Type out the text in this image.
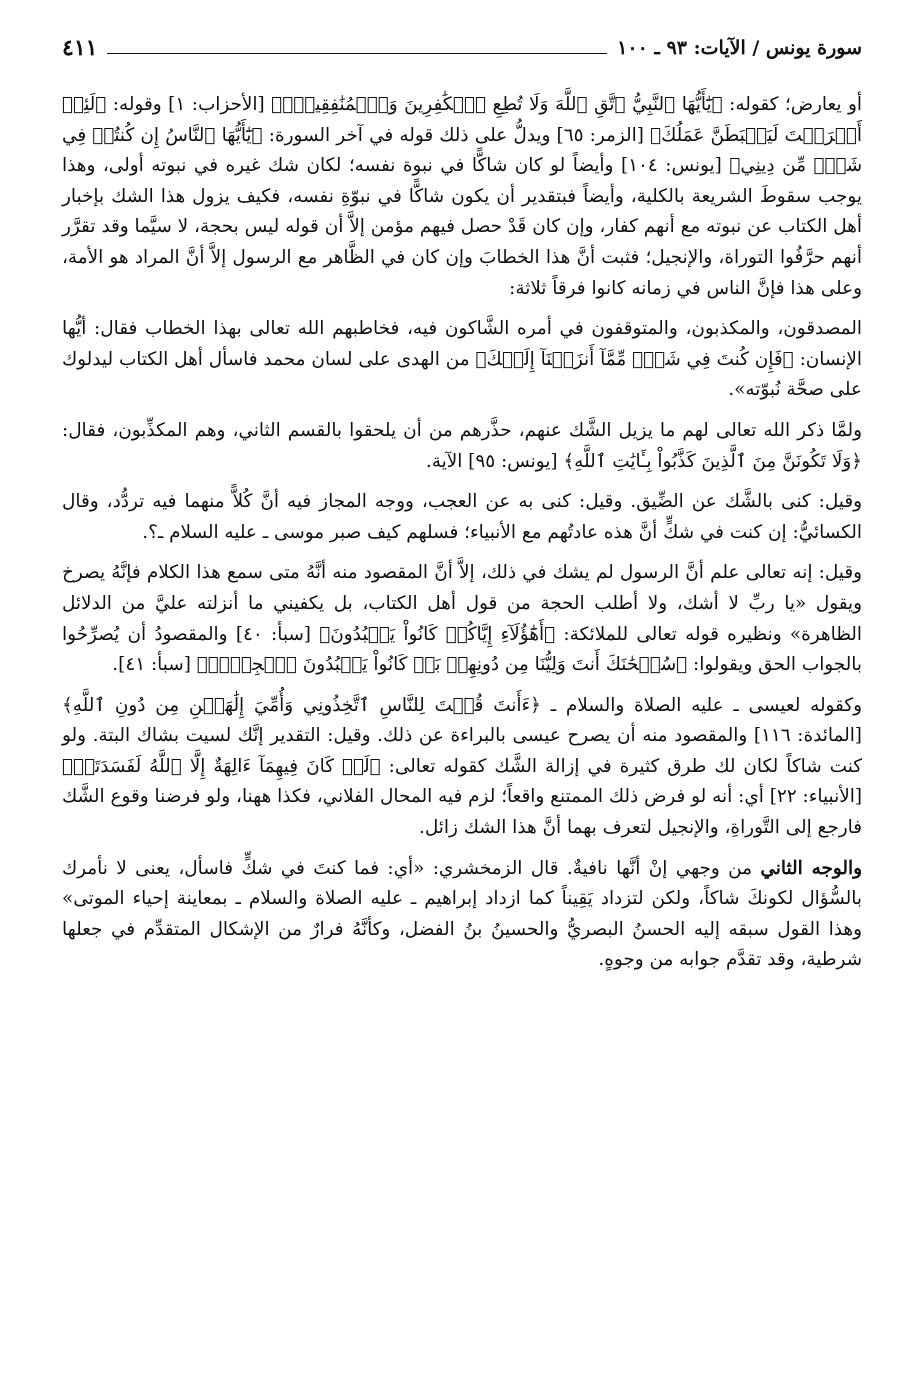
سورة يونس / الآيات: ٩٣ ـ ١٠٠
٤١١

أو يعارض؛ كقوله: ﴿يَٰٓأَيُّهَا ٱلنَّبِيُّ ٱتَّقِ ٱللَّهَ وَلَا تُطِعِ ٱلۡكَٰفِرِينَ وَٱلۡمُنَٰفِقِينَۚ﴾ [الأحزاب: ١] وقوله: ﴿لَئِنۡ أَشۡرَكۡتَ لَيَحۡبَطَنَّ عَمَلُكَ﴾ [الزمر: ٦٥] ويدلُّ على ذلك قوله في آخر السورة: ﴿يَٰٓأَيُّهَا ٱلنَّاسُ إِن كُنتُمۡ فِي شَكّٖ مِّن دِينِي﴾ [يونس: ١٠٤] وأيضاً لو كان شاكًّا في نبوة نفسه؛ لكان شك غيره في نبوته أولى، وهذا يوجب سقوطَ الشريعة بالكلية، وأيضاً فبتقدير أن يكون شاكًّا في نبوّةِ نفسه، فكيف يزول هذا الشك بإخبار أهل الكتاب عن نبوته مع أنهم كفار، وإن كان قَدْ حصل فيهم مؤمن إلاَّ أن قوله ليس بحجة، لا سيَّما وقد تقرَّر أنهم حرَّفُوا التوراة، والإنجيل؛ فثبت أنَّ هذا الخطابَ وإن كان في الظَّاهر مع الرسول إلاَّ أنَّ المراد هو الأمة، وعلى هذا فإنَّ الناس في زمانه كانوا فرقاً ثلاثة:

المصدقون، والمكذبون، والمتوقفون في أمره الشَّاكون فيه، فخاطبهم الله تعالى بهذا الخطاب فقال: أيُّها الإنسان: ﴿فَإِن كُنتَ فِي شَكّٖ مِّمَّآ أَنزَلۡنَآ إِلَيۡكَ﴾ من الهدى على لسان محمد فاسأل أهل الكتاب ليدلوك على صحَّة نُبوّته».

ولمَّا ذكر الله تعالى لهم ما يزيل الشَّك عنهم، حذَّرهم من أن يلحقوا بالقسم الثاني، وهم المكذِّبون، فقال: ﴿وَلَا تَكُونَنَّ مِنَ ٱلَّذِينَ كَذَّبُواْ بِـَٔايَٰتِ ٱللَّهِ﴾ [يونس: ٩٥] الآية.

وقيل: كنى بالشَّك عن الضِّيق. وقيل: كنى به عن العجب، ووجه المجاز فيه أنَّ كُلاًّ منهما فيه تردُّد، وقال الكسائيُّ: إن كنت في شكٍّ أنَّ هذه عادتُهم مع الأنبياء؛ فسلهم كيف صبر موسى ـ عليه السلام ـ؟.

وقيل: إنه تعالى علم أنَّ الرسول لم يشك في ذلك، إلاَّ أنَّ المقصود منه أنَّهُ متى سمع هذا الكلام فإنَّهُ يصرخ ويقول «يا ربِّ لا أشك، ولا أطلب الحجة من قول أهل الكتاب، بل يكفيني ما أنزلته عليَّ من الدلائل الظاهرة» ونظيره قوله تعالى للملائكة: ﴿أَهَٰٓؤُلَآءِ إِيَّاكُمۡ كَانُواْ يَعۡبُدُونَ﴾ [سبأ: ٤٠] والمقصودُ أن يُصرِّحُوا بالجواب الحق ويقولوا: ﴿سُبۡحَٰنَكَ أَنتَ وَلِيُّنَا مِن دُونِهِمۖ بَلۡ كَانُواْ يَعۡبُدُونَ ٱلۡجِنَّۖ﴾ [سبأ: ٤١].

وكقوله لعيسى ـ عليه الصلاة والسلام ـ ﴿ءَأَنتَ قُلۡتَ لِلنَّاسِ ٱتَّخِذُونِي وَأُمِّيَ إِلَٰهَيۡنِ مِن دُونِ ٱللَّهِ﴾ [المائدة: ١١٦] والمقصود منه أن يصرح عيسى بالبراءة عن ذلك. وقيل: التقدير إنَّك لسيت بشاك البتة. ولو كنت شاكاً لكان لك طرق كثيرة في إزالة الشَّك كقوله تعالى: ﴿لَوۡ كَانَ فِيهِمَآ ءَالِهَةٌ إِلَّا ٱللَّهُ لَفَسَدَتَاۚ﴾ [الأنبياء: ٢٢] أي: أنه لو فرض ذلك الممتنع واقعاً؛ لزم فيه المحال الفلاني، فكذا ههنا، ولو فرضنا وقوع الشَّك فارجع إلى التَّوراةِ، والإنجيل لتعرف بهما أنَّ هذا الشك زائل.

والوجه الثاني من وجهي إنْ أنَّها نافيةٌ. قال الزمخشري: «أي: فما كنتَ في شكٍّ فاسأل، يعنى لا نأمرك بالسُّؤال لكونكَ شاكاً، ولكن لتزداد يَقِيناً كما ازداد إبراهيم ـ عليه الصلاة والسلام ـ بمعاينة إحياء الموتى» وهذا القول سبقه إليه الحسنُ البصريُّ والحسينُ بنُ الفضل، وكأنَّهُ فرارٌ من الإشكال المتقدِّم في جعلها شرطية، وقد تقدَّم جوابه من وجوهٍ.
